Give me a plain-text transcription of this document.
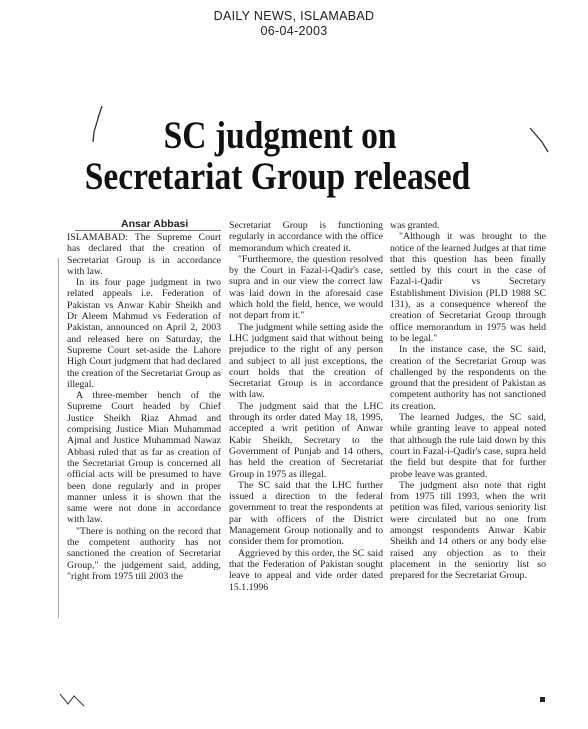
DAILY NEWS, ISLAMABAD
06-04-2003
SC judgment on
Secretariat Group released
Ansar Abbasi

ISLAMABAD: The Supreme Court has declared that the creation of Secretariat Group is in accordance with law.

In its four page judgment in two related appeals i.e. Federation of Pakistan vs Anwar Kabir Sheikh and Dr Aleem Mahmud vs Federation of Pakistan, announced on April 2, 2003 and released here on Saturday, the Supreme Court set-aside the Lahore High Court judgment that had declared the creation of the Secretariat Group as illegal.

A three-member bench of the Supreme Court headed by Chief Justice Sheikh Riaz Ahmad and comprising Justice Mian Muhammad Ajmal and Justice Muhammad Nawaz Abbasi ruled that as far as creation of the Secretariat Group is concerned all official acts will be presumed to have been done regularly and in proper manner unless it is shown that the same were not done in accordance with law.

"There is nothing on the record that the competent authority has not sanctioned the creation of Secretariat Group," the judgement said, adding, "right from 1975 till 2003 the

Secretariat Group is functioning regularly in accordance with the office memorandum which created it.

"Furthermore, the question resolved by the Court in Fazal-i-Qadir's case, supra and in our view the correct law was laid down in the aforesaid case which hold the field, hence, we would not depart from it."

The judgment while setting aside the LHC judgment said that without being prejudice to the right of any person and subject to all just exceptions, the court holds that the creation of Secretariat Group is in accordance with law.

The judgment said that the LHC through its order dated May 18, 1995, accepted a writ petition of Anwar Kabir Sheikh, Secretary to the Government of Punjab and 14 others, has held the creation of Secretariat Group in 1975 as illegal.

The SC said that the LHC further issued a direction to the federal government to treat the respondents at par with officers of the District Management Group notionally and to consider them for promotion.

Aggrieved by this order, the SC said that the Federation of Pakistan sought leave to appeal and vide order dated 15.1.1996

was granted.

"Although it was brought to the notice of the learned Judges at that time that this question has been finally settled by this court in the case of Fazal-i-Qadir vs Secretary Establishment Division (PLD 1988 SC 131), as a consequence whereof the creation of Secretariat Group through office memorandum in 1975 was held to be legal."

In the instance case, the SC said, creation of the Secretariat Group was challenged by the respondents on the ground that the president of Pakistan as competent authority has not sanctioned its creation.

The learned Judges, the SC said, while granting leave to appeal noted that although the rule laid down by this court in Fazal-i-Qadir's case, supra held the field but despite that for further probe leave was granted.

The judgment also note that right from 1975 till 1993, when the writ petition was filed, various seniority list were circulated but no one from amongst respondents Anwar Kabir Sheikh and 14 others or any body else raised any objection as to their placement in the seniority list so prepared for the Secretariat Group.
